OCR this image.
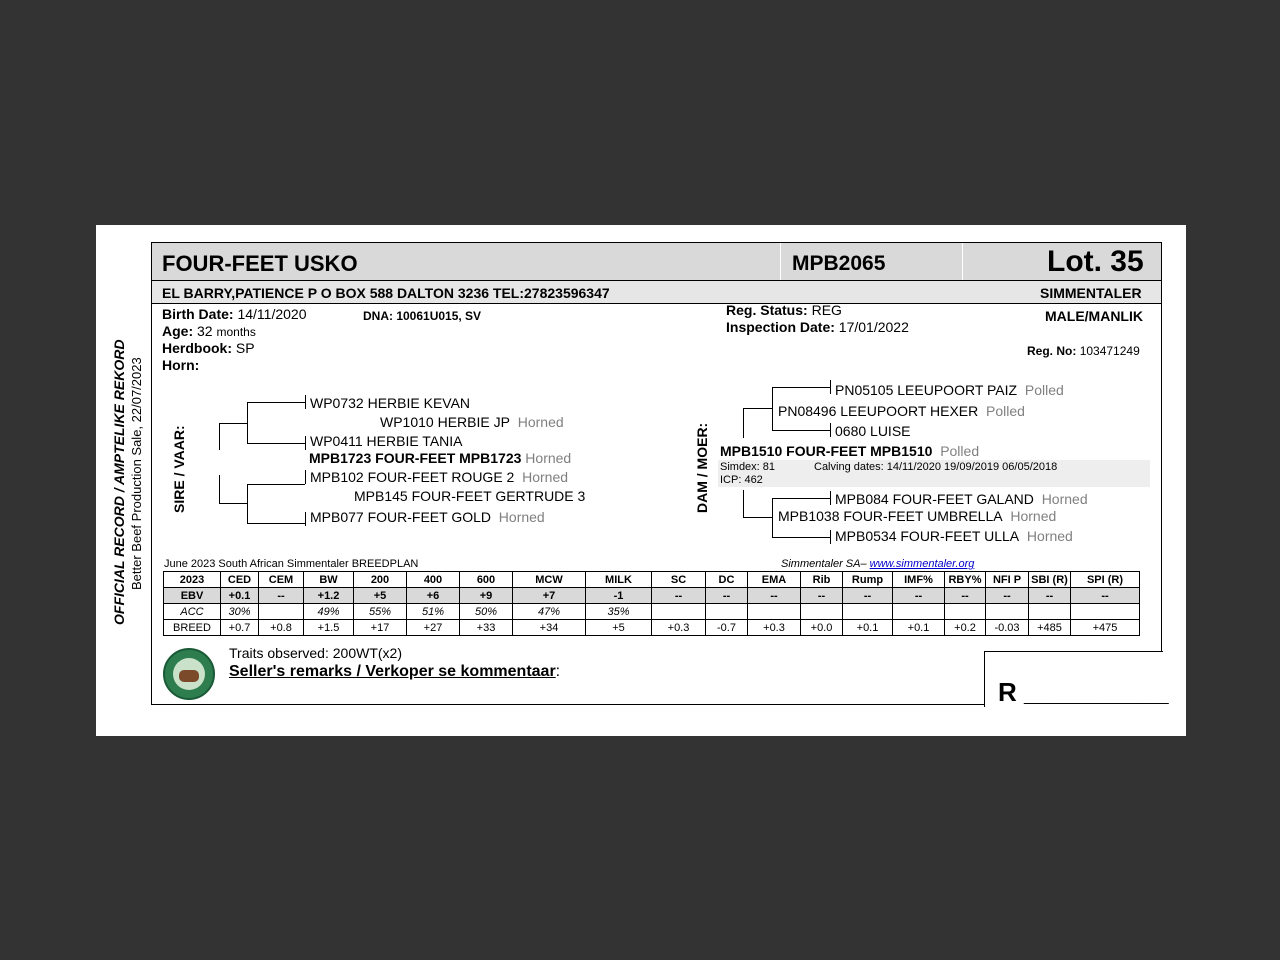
OFFICIAL RECORD / AMPTELIKE REKORD Better Beef Production Sale, 22/07/2023
FOUR-FEET USKO	MPB2065	Lot. 35
EL BARRY,PATIENCE P O BOX 588 DALTON 3236 TEL:27823596347	SIMMENTALER
Birth Date: 14/11/2020	DNA: 10061U015, SV
Age: 32 months
Herdbook: SP
Horn:
Reg. Status: REG
Inspection Date: 17/01/2022
MALE/MANLIK
Reg. No: 103471249
SIRE / VAAR:
WP0732 HERBIE KEVAN
WP1010 HERBIE JP Horned
WP0411 HERBIE TANIA
MPB1723 FOUR-FEET MPB1723 Horned
MPB102 FOUR-FEET ROUGE 2 Horned
MPB145 FOUR-FEET GERTRUDE 3
MPB077 FOUR-FEET GOLD Horned
DAM / MOER:
PN05105 LEEUPOORT PAIZ Polled
PN08496 LEEUPOORT HEXER Polled
0680 LUISE
MPB1510 FOUR-FEET MPB1510 Polled
Simdex: 81	Calving dates: 14/11/2020 19/09/2019 06/05/2018
ICP: 462
MPB084 FOUR-FEET GALAND Horned
MPB1038 FOUR-FEET UMBRELLA Horned
MPB0534 FOUR-FEET ULLA Horned
June 2023 South African Simmentaler BREEDPLAN	Simmentaler SA– www.simmentaler.org
2023	CED	CEM	BW	200	400	600	MCW	MILK	SC	DC	EMA	Rib	Rump	IMF%	RBY%	NFI P	SBI (R)	SPI (R)
EBV	+0.1	--	+1.2	+5	+6	+9	+7	-1	--	--	--	--	--	--	--	--	--	--
ACC	30%		49%	55%	51%	50%	47%	35%										
BREED	+0.7	+0.8	+1.5	+17	+27	+33	+34	+5	+0.3	-0.7	+0.3	+0.0	+0.1	+0.1	+0.2	-0.03	+485	+475
Traits observed: 200WT(x2)
Seller's remarks / Verkoper se kommentaar:
R __________
